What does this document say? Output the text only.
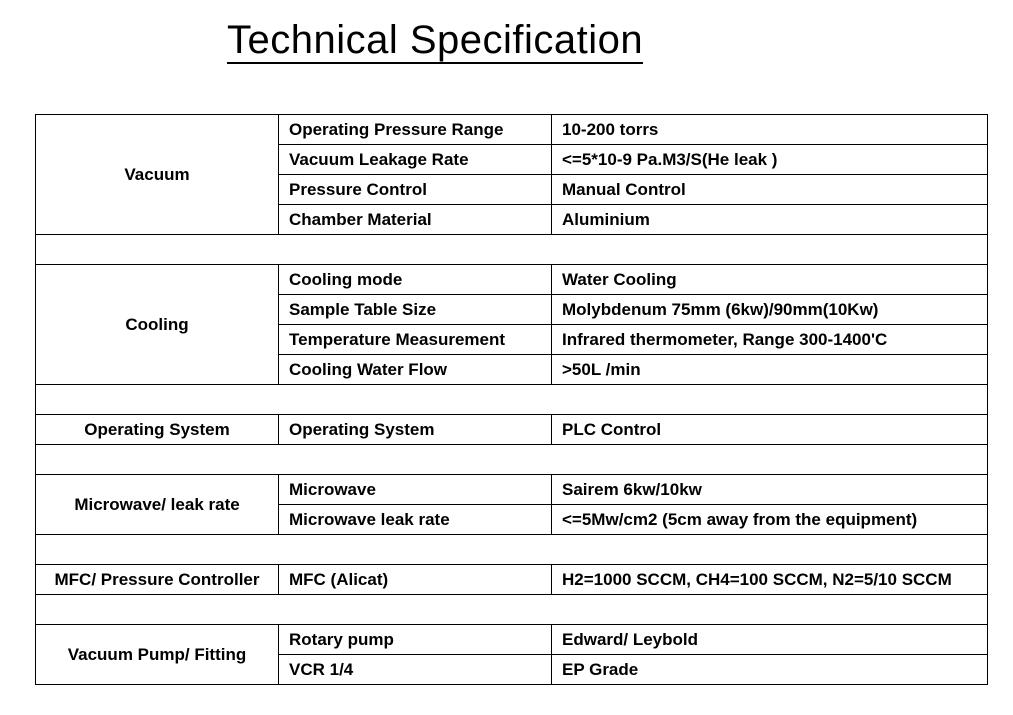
Technical Specification
Vacuum	Operating Pressure Range	10-200 torrs
	Vacuum Leakage Rate	<=5*10-9 Pa.M3/S(He leak )
	Pressure Control	Manual Control
	Chamber Material	Aluminium

Cooling	Cooling mode	Water Cooling
	Sample Table Size	Molybdenum 75mm (6kw)/90mm(10Kw)
	Temperature Measurement	Infrared thermometer, Range 300-1400'C
	Cooling Water Flow	>50L /min

Operating System	Operating System	PLC Control

Microwave/ leak rate	Microwave	Sairem 6kw/10kw
	Microwave leak rate	<=5Mw/cm2 (5cm away from the equipment)

MFC/ Pressure Controller	MFC (Alicat)	H2=1000 SCCM, CH4=100 SCCM, N2=5/10 SCCM

Vacuum Pump/ Fitting	Rotary pump	Edward/ Leybold
	VCR 1/4	EP Grade
